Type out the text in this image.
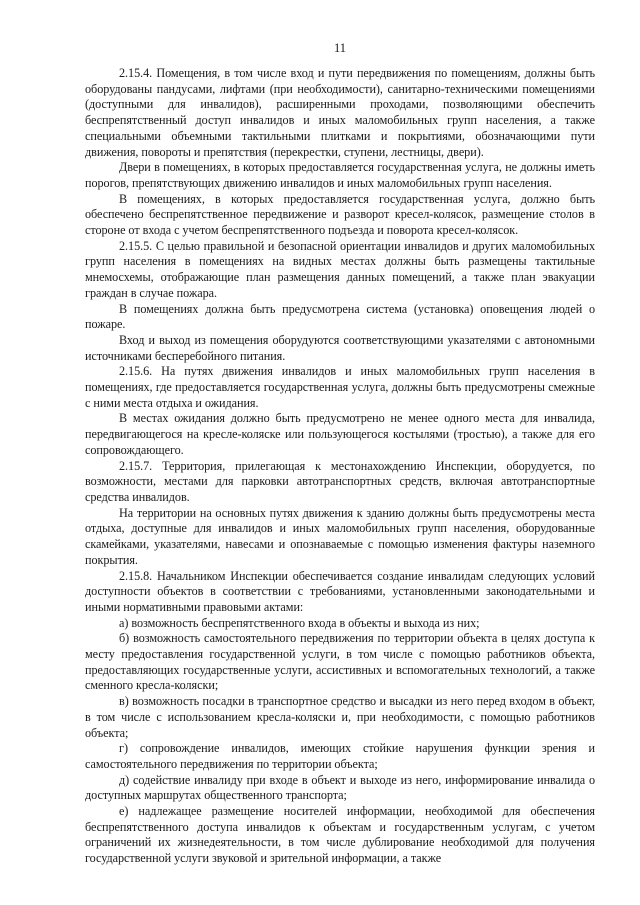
11

2.15.4. Помещения, в том числе вход и пути передвижения по помещениям, должны быть оборудованы пандусами, лифтами (при необходимости), санитарно-техническими помещениями (доступными для инвалидов), расширенными проходами, позволяющими обеспечить беспрепятственный доступ инвалидов и иных маломобильных групп населения, а также специальными объемными тактильными плитками и покрытиями, обозначающими пути движения, повороты и препятствия (перекрестки, ступени, лестницы, двери).

Двери в помещениях, в которых предоставляется государственная услуга, не должны иметь порогов, препятствующих движению инвалидов и иных маломобильных групп населения.

В помещениях, в которых предоставляется государственная услуга, должно быть обеспечено беспрепятственное передвижение и разворот кресел-колясок, размещение столов в стороне от входа с учетом беспрепятственного подъезда и поворота кресел-колясок.

2.15.5. С целью правильной и безопасной ориентации инвалидов и других маломобильных групп населения в помещениях на видных местах должны быть размещены тактильные мнемосхемы, отображающие план размещения данных помещений, а также план эвакуации граждан в случае пожара.

В помещениях должна быть предусмотрена система (установка) оповещения людей о пожаре.

Вход и выход из помещения оборудуются соответствующими указателями с автономными источниками бесперебойного питания.

2.15.6. На путях движения инвалидов и иных маломобильных групп населения в помещениях, где предоставляется государственная услуга, должны быть предусмотрены смежные с ними места отдыха и ожидания.

В местах ожидания должно быть предусмотрено не менее одного места для инвалида, передвигающегося на кресле-коляске или пользующегося костылями (тростью), а также для его сопровождающего.

2.15.7. Территория, прилегающая к местонахождению Инспекции, оборудуется, по возможности, местами для парковки автотранспортных средств, включая автотранспортные средства инвалидов.

На территории на основных путях движения к зданию должны быть предусмотрены места отдыха, доступные для инвалидов и иных маломобильных групп населения, оборудованные скамейками, указателями, навесами и опознаваемые с помощью изменения фактуры наземного покрытия.

2.15.8. Начальником Инспекции обеспечивается создание инвалидам следующих условий доступности объектов в соответствии с требованиями, установленными законодательными и иными нормативными правовыми актами:

а) возможность беспрепятственного входа в объекты и выхода из них;

б) возможность самостоятельного передвижения по территории объекта в целях доступа к месту предоставления государственной услуги, в том числе с помощью работников объекта, предоставляющих государственные услуги, ассистивных и вспомогательных технологий, а также сменного кресла-коляски;

в) возможность посадки в транспортное средство и высадки из него перед входом в объект, в том числе с использованием кресла-коляски и, при необходимости, с помощью работников объекта;

г) сопровождение инвалидов, имеющих стойкие нарушения функции зрения и самостоятельного передвижения по территории объекта;

д) содействие инвалиду при входе в объект и выходе из него, информирование инвалида о доступных маршрутах общественного транспорта;

е) надлежащее размещение носителей информации, необходимой для обеспечения беспрепятственного доступа инвалидов к объектам и государственным услугам, с учетом ограничений их жизнедеятельности, в том числе дублирование необходимой для получения государственной услуги звуковой и зрительной информации, а также
